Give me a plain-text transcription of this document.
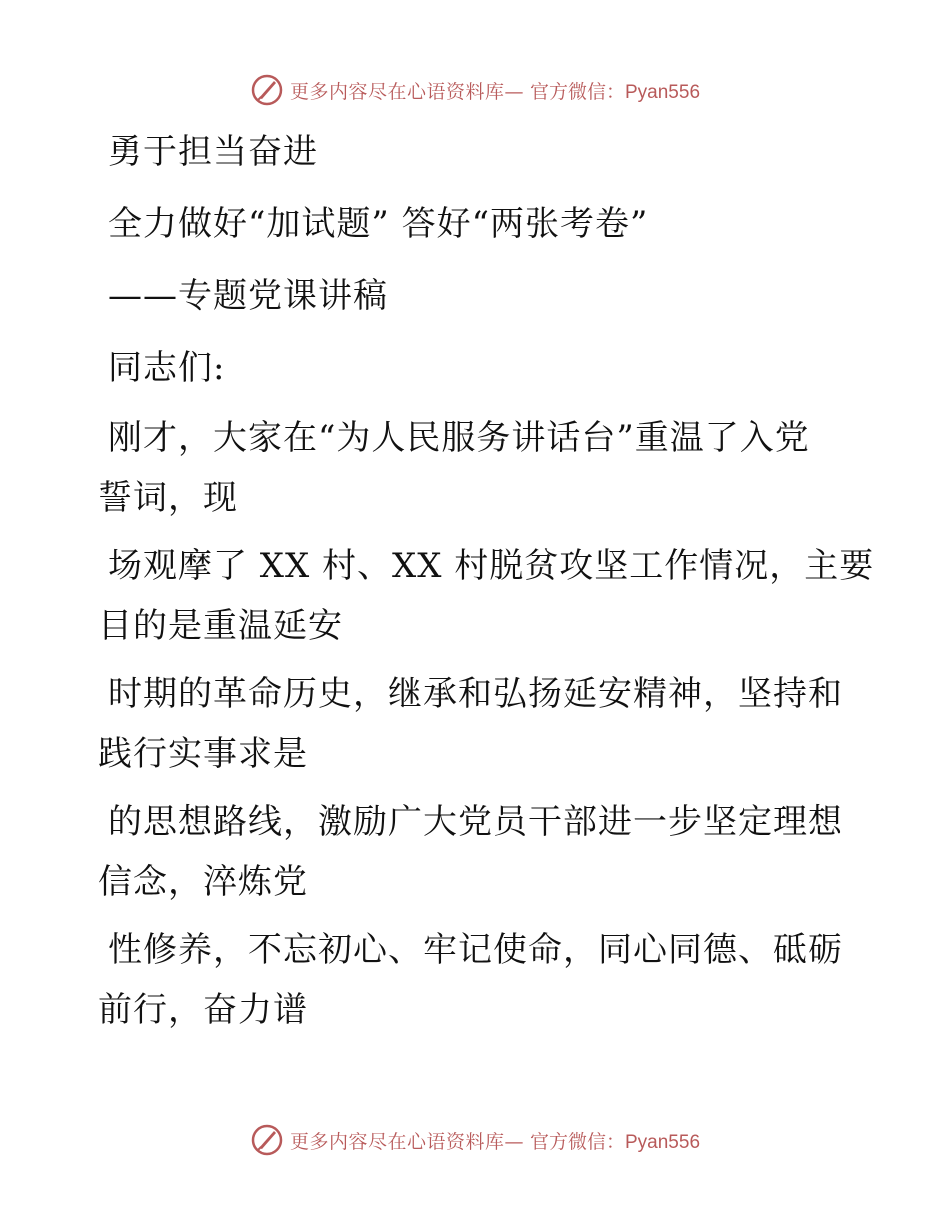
更多内容尽在心语资料库— 官方微信：Pyan556
勇于担当奋进
全力做好“加试题” 答好“两张考卷”
——专题党课讲稿
同志们:
刚才，大家在“为人民服务讲话台”重温了入党
誓词，现
场观摩了 XX 村、XX 村脱贫攻坚工作情况，主要
目的是重温延安
时期的革命历史，继承和弘扬延安精神，坚持和
践行实事求是
的思想路线，激励广大党员干部进一步坚定理想
信念，淬炼党
性修养，不忘初心、牢记使命，同心同德、砥砺
前行，奋力谱
更多内容尽在心语资料库— 官方微信：Pyan556
